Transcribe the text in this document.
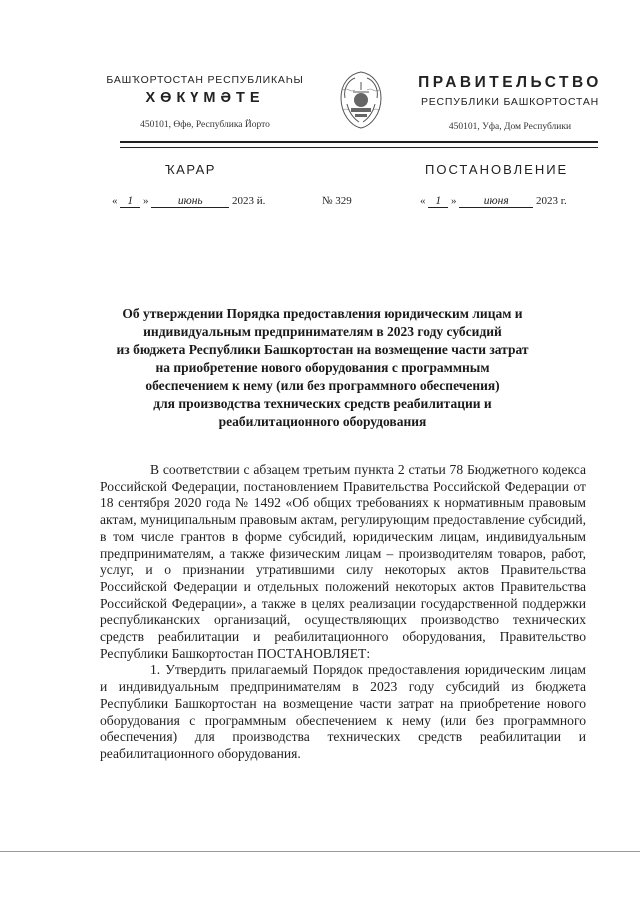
БАШҠОРТОСТАН РЕСПУБЛИКАҺЫ
ХӨКҮМӘТЕ
450101, Өфө, Республика Йорто
ПРАВИТЕЛЬСТВО
РЕСПУБЛИКИ БАШКОРТОСТАН
450101, Уфа, Дом Республики
ҠАРАР	ПОСТАНОВЛЕНИЕ
« 1 »	июнь	2023 й.	№ 329	« 1 » июня 2023 г.
Об утверждении Порядка предоставления юридическим лицам и
индивидуальным предпринимателям в 2023 году субсидий
из бюджета Республики Башкортостан на возмещение части затрат
на приобретение нового оборудования с программным
обеспечением к нему (или без программного обеспечения)
для производства технических средств реабилитации и
реабилитационного оборудования

В соответствии с абзацем третьим пункта 2 статьи 78 Бюджетного кодекса Российской Федерации, постановлением Правительства Российской Федерации от 18 сентября 2020 года № 1492 «Об общих требованиях к нормативным правовым актам, муниципальным правовым актам, регулирующим предоставление субсидий, в том числе грантов в форме субсидий, юридическим лицам, индивидуальным предпринимателям, а также физическим лицам – производителям товаров, работ, услуг, и о признании утратившими силу некоторых актов Правительства Российской Федерации и отдельных положений некоторых актов Правительства Российской Федерации», а также в целях реализации государственной поддержки республиканских организаций, осуществляющих производство технических средств реабилитации и реабилитационного оборудования, Правительство Республики Башкортостан ПОСТАНОВЛЯЕТ:

1. Утвердить прилагаемый Порядок предоставления юридическим лицам и индивидуальным предпринимателям в 2023 году субсидий из бюджета Республики Башкортостан на возмещение части затрат на приобретение нового оборудования с программным обеспечением к нему (или без программного обеспечения) для производства технических средств реабилитации и реабилитационного оборудования.
